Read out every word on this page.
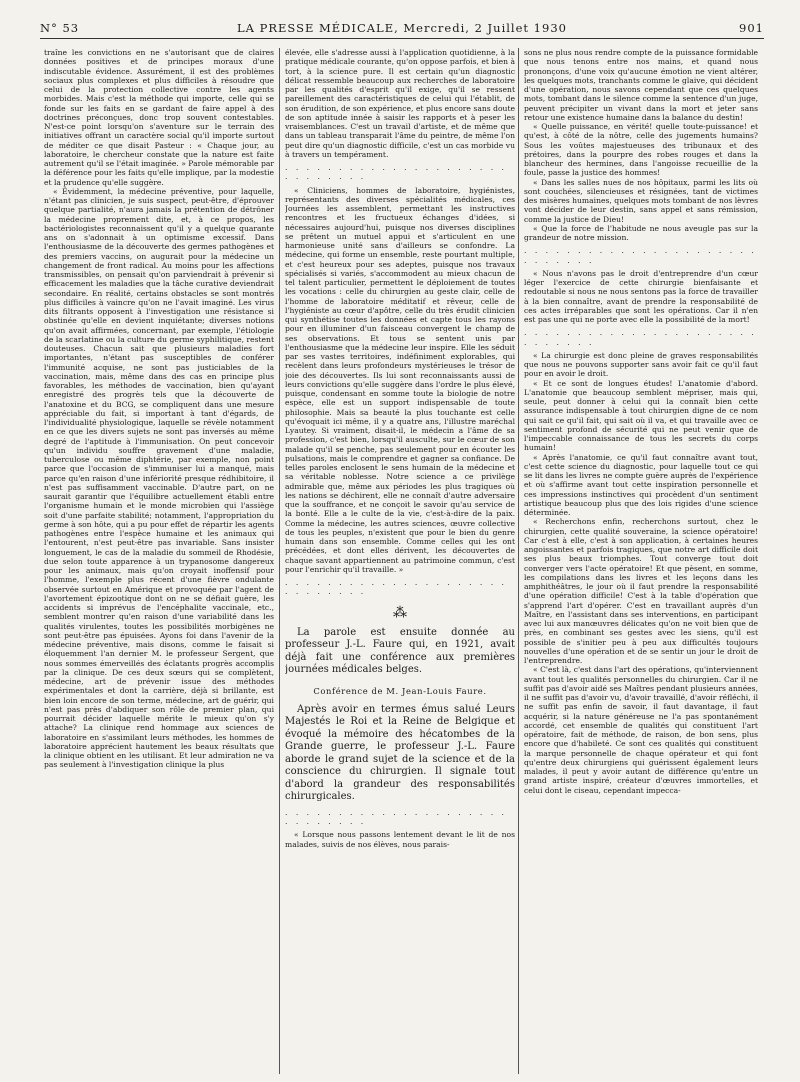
N° 53	LA PRESSE MÉDICALE, Mercredi, 2 Juillet 1930	901

traîne les convictions en ne s'autorisant que de claires données positives et de principes moraux d'une indiscutable évidence. Assurément, il est des problèmes sociaux plus complexes et plus difficiles à résoudre que celui de la protection collective contre les agents morbides. Mais c'est la méthode qui importe, celle qui se fonde sur les faits en se gardant de faire appel à des doctrines préconçues, donc trop souvent contestables. N'est-ce point lorsqu'on s'aventure sur le terrain des initiatives offrant un caractère social qu'il importe surtout de méditer ce que disait Pasteur : « Chaque jour, au laboratoire, le chercheur constate que la nature est faite autrement qu'il se l'était imaginée. » Parole mémorable par la déférence pour les faits qu'elle implique, par la modestie et la prudence qu'elle suggère.

« Évidemment, la médecine préventive, pour laquelle, n'étant pas clinicien, je suis suspect, peut-être, d'éprouver quelque partialité, n'aura jamais la prétention de détrôner la médecine proprement dite, et, à ce propos, les bactériologistes reconnaissent qu'il y a quelque quarante ans on s'adonnait à un optimisme excessif. Dans l'enthousiasme de la découverte des germes pathogènes et des premiers vaccins, on augurait pour la médecine un changement de front radical. Au moins pour les affections transmissibles, on pensait qu'on parviendrait à prévenir si efficacement les maladies que la tâche curative deviendrait secondaire. En réalité, certains obstacles se sont montrés plus difficiles à vaincre qu'on ne l'avait imaginé. Les virus dits filtrants opposent à l'investigation une résistance si obstinée qu'elle en devient inquiétante; diverses notions qu'on avait affirmées, concernant, par exemple, l'étiologie de la scarlatine ou la culture du germe syphilitique, restent douteuses. Chacun sait que plusieurs maladies fort importantes, n'étant pas susceptibles de conférer l'immunité acquise, ne sont pas justiciables de la vaccination, mais, même dans des cas en principe plus favorables, les méthodes de vaccination, bien qu'ayant enregistré des progrès tels que la découverte de l'anatoxine et du BCG, se compliquent dans une mesure appréciable du fait, si important à tant d'égards, de l'individualité physiologique, laquelle se révèle notamment en ce que les divers sujets ne sont pas inversés au même degré de l'aptitude à l'immunisation. On peut concevoir qu'un individu souffre gravement d'une maladie, tuberculose ou même diphtérie, par exemple, non point parce que l'occasion de s'immuniser lui a manqué, mais parce qu'en raison d'une infériorité presque rédhibitoire, il n'est pas suffisamment vaccinable. D'autre part, on ne saurait garantir que l'équilibre actuellement établi entre l'organisme humain et le monde microbien qui l'assiège soit d'une parfaite stabilité; notamment, l'appropriation du germe à son hôte, qui a pu pour effet de répartir les agents pathogènes entre l'espèce humaine et les animaux qui l'entourent, n'est peut-être pas invariable. Sans insister longuement, le cas de la maladie du sommeil de Rhodésie, due selon toute apparence à un trypanosome dangereux pour les animaux, mais qu'on croyait inoffensif pour l'homme, l'exemple plus récent d'une fièvre ondulante observée surtout en Amérique et provoquée par l'agent de l'avortement épizootique dont on ne se défiait guère, les accidents si imprévus de l'encéphalite vaccinale, etc., semblent montrer qu'en raison d'une variabilité dans les qualités virulentes, toutes les possibilités morbigènes ne sont peut-être pas épuisées. Ayons foi dans l'avenir de la médecine préventive, mais disons, comme le faisait si éloquemment l'an dernier M. le professeur Sergent, que nous sommes émerveillés des éclatants progrès accomplis par la clinique. De ces deux sœurs qui se complètent, médecine, art de prévenir issue des méthodes expérimentales et dont la carrière, déjà si brillante, est bien loin encore de son terme, médecine, art de guérir, qui n'est pas près d'abdiquer son rôle de premier plan, qui pourrait décider laquelle mérite le mieux qu'on s'y attache? La clinique rend hommage aux sciences de laboratoire en s'assimilant leurs méthodes, les hommes de laboratoire apprécient hautement les beaux résultats que la clinique obtient en les utilisant. Et leur admiration ne va pas seulement à l'investigation clinique la plus

élevée, elle s'adresse aussi à l'application quotidienne, à la pratique médicale courante, qu'on oppose parfois, et bien à tort, à la science pure. Il est certain qu'un diagnostic délicat ressemble beaucoup aux recherches de laboratoire par les qualités d'esprit qu'il exige, qu'il se ressent pareillement des caractéristiques de celui qui l'établit, de son érudition, de son expérience, et plus encore sans doute de son aptitude innée à saisir les rapports et à peser les vraisemblances. C'est un travail d'artiste, et de même que dans un tableau transparait l'âme du peintre, de même l'on peut dire qu'un diagnostic difficile, c'est un cas morbide vu à travers un tempérament.

. . . . . . . . . . . . . . . . . . . . . . . . . . . . .

« Cliniciens, hommes de laboratoire, hygiénistes, représentants des diverses spécialités médicales, ces Journées les assemblent, permettant les instructives rencontres et les fructueux échanges d'idées, si nécessaires aujourd'hui, puisque nos diverses disciplines se prêtent un mutuel appui et s'articulent en une harmonieuse unité sans d'ailleurs se confondre. La médecine, qui forme un ensemble, reste pourtant multiple, et c'est heureux pour ses adeptes, puisque nos travaux spécialisés si variés, s'accommodent au mieux chacun de tel talent particulier, permettent le déploiement de toutes les vocations : celle du chirurgien au geste clair, celle de l'homme de laboratoire méditatif et rêveur, celle de l'hygiéniste au cœur d'apôtre, celle du très érudit clinicien qui synthétise toutes les données et capte tous les rayons pour en illuminer d'un faisceau convergent le champ de ses observations. Et tous se sentent unis par l'enthousiasme que la médecine leur inspire. Elle les séduit par ses vastes territoires, indéfiniment explorables, qui recèlent dans leurs profondeurs mystérieuses le trésor de joie des découvertes. Ils lui sont reconnaissants aussi de leurs convictions qu'elle suggère dans l'ordre le plus élevé, puisque, condensant en somme toute la biologie de notre espèce, elle est un support indispensable de toute philosophie. Mais sa beauté la plus touchante est celle qu'évoquait ici même, il y a quatre ans, l'illustre maréchal Lyautey. Si vraiment, disait-il, le médecin a l'âme de sa profession, c'est bien, lorsqu'il ausculte, sur le cœur de son malade qu'il se penche, pas seulement pour en écouter les pulsations, mais le comprendre et gagner sa confiance. De telles paroles enclosent le sens humain de la médecine et sa véritable noblesse. Notre science a ce privilège admirable que, même aux périodes les plus tragiques où les nations se déchirent, elle ne connaît d'autre adversaire que la souffrance, et ne conçoit le savoir qu'au service de la bonté. Elle a le culte de la vie, c'est-à-dire de la paix. Comme la médecine, les autres sciences, œuvre collective de tous les peuples, n'existent que pour le bien du genre humain dans son ensemble. Comme celles qui les ont précédées, et dont elles dérivent, les découvertes de chaque savant appartiennent au patrimoine commun, c'est pour l'enrichir qu'il travaille. »

. . . . . . . . . . . . . . . . . . . . . . . . . . . . .

⁂

La parole est ensuite donnée au professeur J.-L. Faure qui, en 1921, avait déjà fait une conférence aux premières journées médicales belges.

Conférence de M. Jean-Louis Faure.

Après avoir en termes émus salué Leurs Majestés le Roi et la Reine de Belgique et évoqué la mémoire des hécatombes de la Grande guerre, le professeur J.-L. Faure aborde le grand sujet de la science et de la conscience du chirurgien. Il signale tout d'abord la grandeur des responsabilités chirurgicales.

. . . . . . . . . . . . . . . . . . . . . . . . . . . . .

« Lorsque nous passons lentement devant le lit de nos malades, suivis de nos élèves, nous parais-

sons ne plus nous rendre compte de la puissance formidable que nous tenons entre nos mains, et quand nous prononçons, d'une voix qu'aucune émotion ne vient altérer, les quelques mots, tranchants comme le glaive, qui décident d'une opération, nous savons cependant que ces quelques mots, tombant dans le silence comme la sentence d'un juge, peuvent précipiter un vivant dans la mort et jeter sans retour une existence humaine dans la balance du destin!

« Quelle puissance, en vérité! quelle toute-puissance! et qu'est, à côté de la nôtre, celle des jugements humains? Sous les voûtes majestueuses des tribunaux et des prétoires, dans la pourpre des robes rouges et dans la blancheur des hermines, dans l'angoisse recueillie de la foule, passe la justice des hommes!

« Dans les salles nues de nos hôpitaux, parmi les lits où sont couchées, silencieuses et résignées, tant de victimes des misères humaines, quelques mots tombant de nos lèvres vont décider de leur destin, sans appel et sans rémission, comme la justice de Dieu!

« Que la force de l'habitude ne nous aveugle pas sur la grandeur de notre mission.

. . . . . . . . . . . . . . . . . . . . . . . . . . . . .

« Nous n'avons pas le droit d'entreprendre d'un cœur léger l'exercice de cette chirurgie bienfaisante et redoutable si nous ne nous sentons pas la force de travailler à la bien connaître, avant de prendre la responsabilité de ces actes irréparables que sont les opérations. Car il n'en est pas une qui ne porte avec elle la possibilité de la mort!

. . . . . . . . . . . . . . . . . . . . . . . . . . . . .

« La chirurgie est donc pleine de graves responsabilités que nous ne pouvons supporter sans avoir fait ce qu'il faut pour en avoir le droit.

« Et ce sont de longues études! L'anatomie d'abord. L'anatomie que beaucoup semblent mépriser, mais qui, seule, peut donner à celui qui la connaît bien cette assurance indispensable à tout chirurgien digne de ce nom qui sait ce qu'il fait, qui sait où il va, et qui travaille avec ce sentiment profond de sécurité qui ne peut venir que de l'impeccable connaissance de tous les secrets du corps humain!

« Après l'anatomie, ce qu'il faut connaître avant tout, c'est cette science du diagnostic, pour laquelle tout ce qui se lit dans les livres ne compte guère auprès de l'expérience et où s'affirme avant tout cette inspiration personnelle et ces impressions instinctives qui procèdent d'un sentiment artistique beaucoup plus que des lois rigides d'une science déterminée.

« Recherchons enfin, recherchons surtout, chez le chirurgien, cette qualité souveraine, la science opératoire! Car c'est à elle, c'est à son application, à certaines heures angoissantes et parfois tragiques, que notre art difficile doit ses plus beaux triomphes. Tout converge tout doit converger vers l'acte opératoire! Et que pèsent, en somme, les compilations dans les livres et les leçons dans les amphithéâtres, le jour où il faut prendre la responsabilité d'une opération difficile! C'est à la table d'opération que s'apprend l'art d'opérer. C'est en travaillant auprès d'un Maître, en l'assistant dans ses interventions, en participant avec lui aux manœuvres délicates qu'on ne voit bien que de près, en combinant ses gestes avec les siens, qu'il est possible de s'initier peu à peu aux difficultés toujours nouvelles d'une opération et de se sentir un jour le droit de l'entreprendre.

« C'est là, c'est dans l'art des opérations, qu'interviennent avant tout les qualités personnelles du chirurgien. Car il ne suffit pas d'avoir aidé ses Maîtres pendant plusieurs années, il ne suffit pas d'avoir vu, d'avoir travaillé, d'avoir réfléchi, il ne suffit pas enfin de savoir, il faut davantage, il faut acquérir, si la nature généreuse ne l'a pas spontanément accordé, cet ensemble de qualités qui constituent l'art opératoire, fait de méthode, de raison, de bon sens, plus encore que d'habileté. Ce sont ces qualités qui constituent la marque personnelle de chaque opérateur et qui font qu'entre deux chirurgiens qui guérissent également leurs malades, il peut y avoir autant de différence qu'entre un grand artiste inspiré, créateur d'œuvres immortelles, et celui dont le ciseau, cependant impecca-
